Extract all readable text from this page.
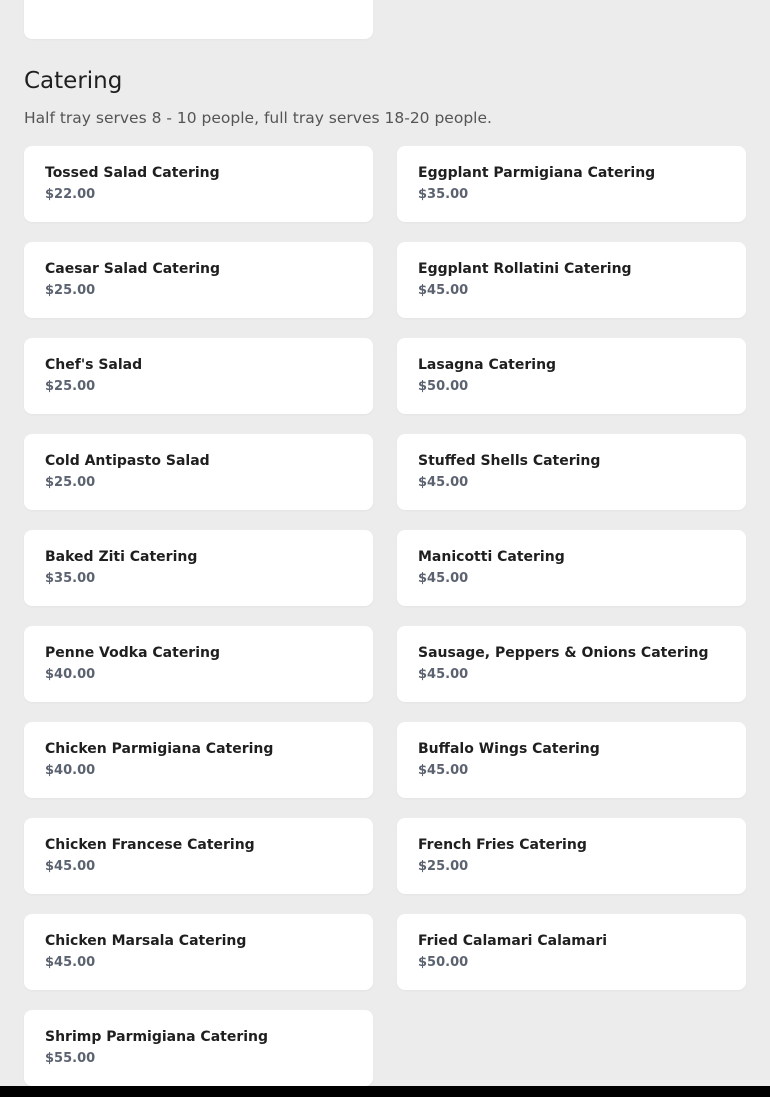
Catering

Half tray serves 8 - 10 people, full tray serves 18-20 people.

Tossed Salad Catering
$22.00
Eggplant Parmigiana Catering
$35.00
Caesar Salad Catering
$25.00
Eggplant Rollatini Catering
$45.00
Chef's Salad
$25.00
Lasagna Catering
$50.00
Cold Antipasto Salad
$25.00
Stuffed Shells Catering
$45.00
Baked Ziti Catering
$35.00
Manicotti Catering
$45.00
Penne Vodka Catering
$40.00
Sausage, Peppers & Onions Catering
$45.00
Chicken Parmigiana Catering
$40.00
Buffalo Wings Catering
$45.00
Chicken Francese Catering
$45.00
French Fries Catering
$25.00
Chicken Marsala Catering
$45.00
Fried Calamari Calamari
$50.00
Shrimp Parmigiana Catering
$55.00
